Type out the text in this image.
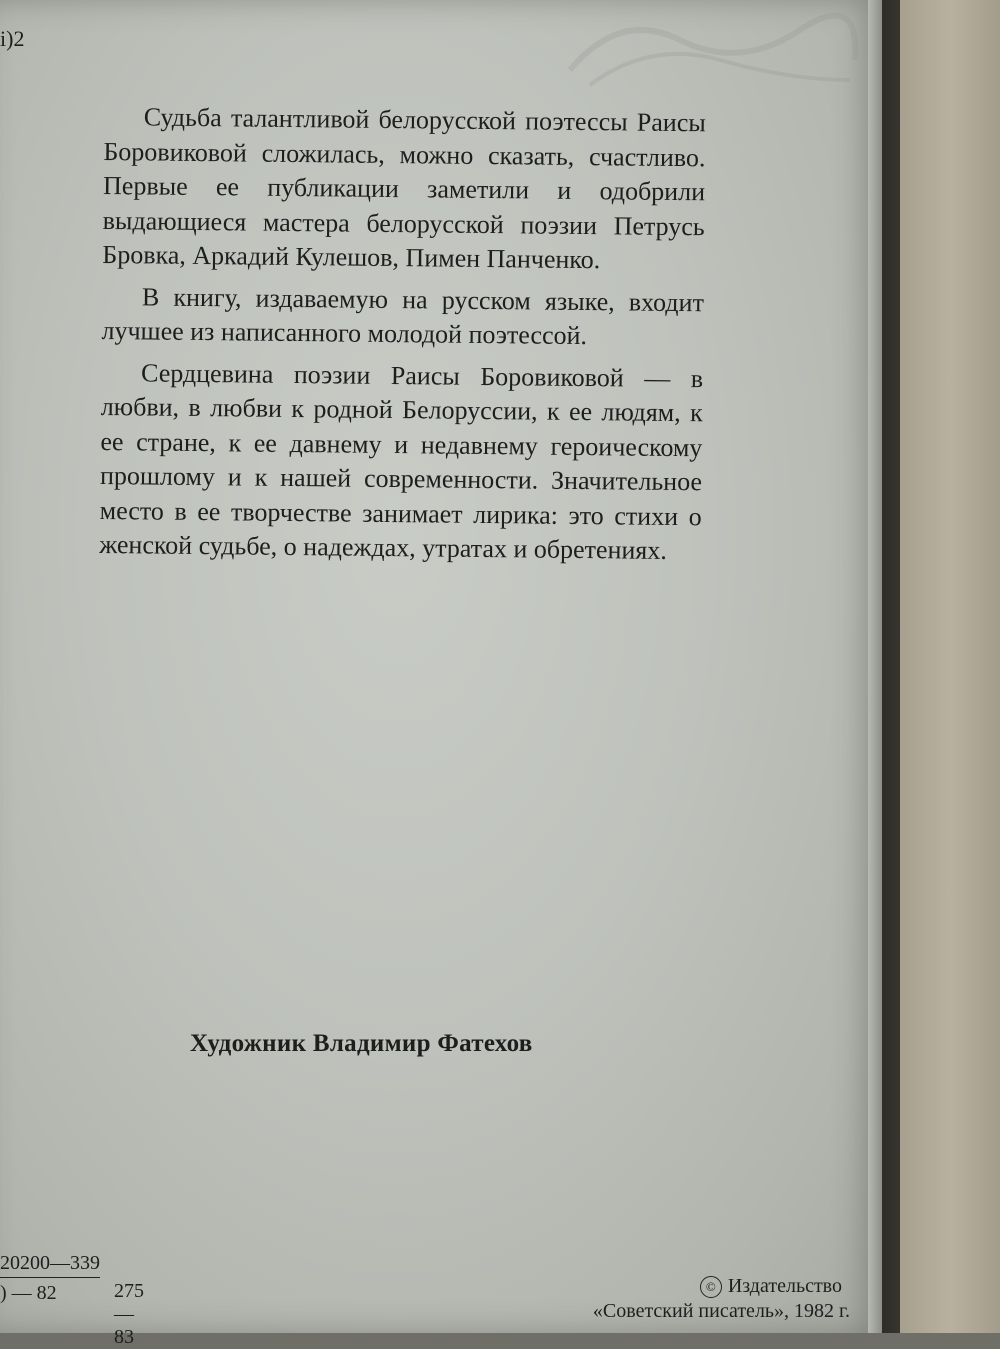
і)2

Судьба талантливой белорусской поэтессы Раисы Боровиковой сложилась, можно сказать, счастливо. Первые ее публикации заметили и одобрили выдающиеся мастера белорусской поэзии Петрусь Бровка, Аркадий Кулешов, Пимен Панченко.

В книгу, издаваемую на русском языке, входит лучшее из написанного молодой поэтессой.

Сердцевина поэзии Раисы Боровиковой — в любви, в любви к родной Белоруссии, к ее людям, к ее стране, к ее давнему и недавнему героическому прошлому и к нашей современности. Значительное место в ее творчестве занимает лирика: это стихи о женской судьбе, о надеждах, утратах и обретениях.

Художник Владимир Фатехов
20200—339
) — 82	275—83
© Издательство
«Советский писатель», 1982 г.
